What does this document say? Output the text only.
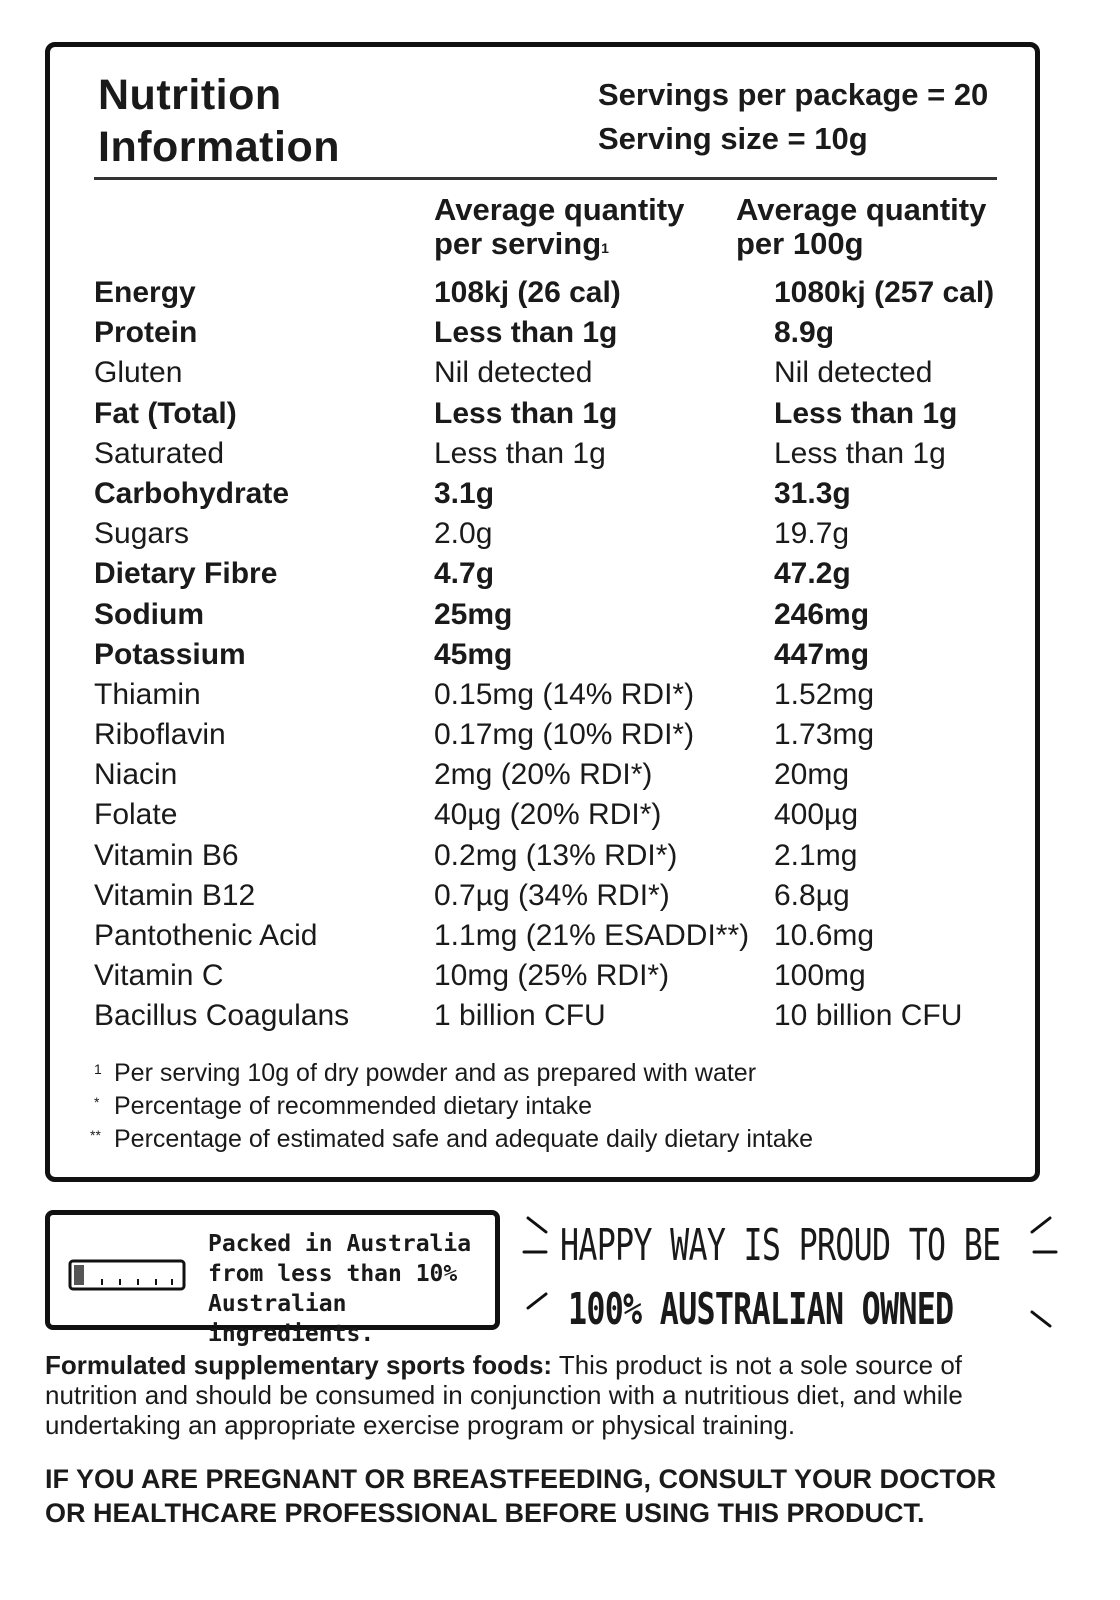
Nutrition
Information
Servings per package = 20
Serving size = 10g
Average quantity
per serving$^1$
Average quantity
per 100g
Energy	108kj (26 cal)	1080kj (257 cal)
Protein	Less than 1g	8.9g
Gluten	Nil detected	Nil detected
Fat (Total)	Less than 1g	Less than 1g
Saturated	Less than 1g	Less than 1g
Carbohydrate	3.1g	31.3g
Sugars	2.0g	19.7g
Dietary Fibre	4.7g	47.2g
Sodium	25mg	246mg
Potassium	45mg	447mg
Thiamin	0.15mg (14% RDI*)	1.52mg
Riboflavin	0.17mg (10% RDI*)	1.73mg
Niacin	2mg (20% RDI*)	20mg
Folate	40µg (20% RDI*)	400µg
Vitamin B6	0.2mg (13% RDI*)	2.1mg
Vitamin B12	0.7µg (34% RDI*)	6.8µg
Pantothenic Acid	1.1mg (21% ESADDI**) 10.6mg
Vitamin C	10mg (25% RDI*)	100mg
Bacillus Coagulans	1 billion CFU	10 billion CFU
1 Per serving 10g of dry powder and as prepared with water
* Percentage of recommended dietary intake
** Percentage of estimated safe and adequate daily dietary intake
Packed in Australia
from less than 10%
Australian ingredients.
HAPPY WAY IS PROUD TO BE
100% AUSTRALIAN OWNED
Formulated supplementary sports foods: This product is not a sole source of nutrition and should be consumed in conjunction with a nutritious diet, and while undertaking an appropriate exercise program or physical training.
IF YOU ARE PREGNANT OR BREASTFEEDING, CONSULT YOUR DOCTOR
OR HEALTHCARE PROFESSIONAL BEFORE USING THIS PRODUCT.
